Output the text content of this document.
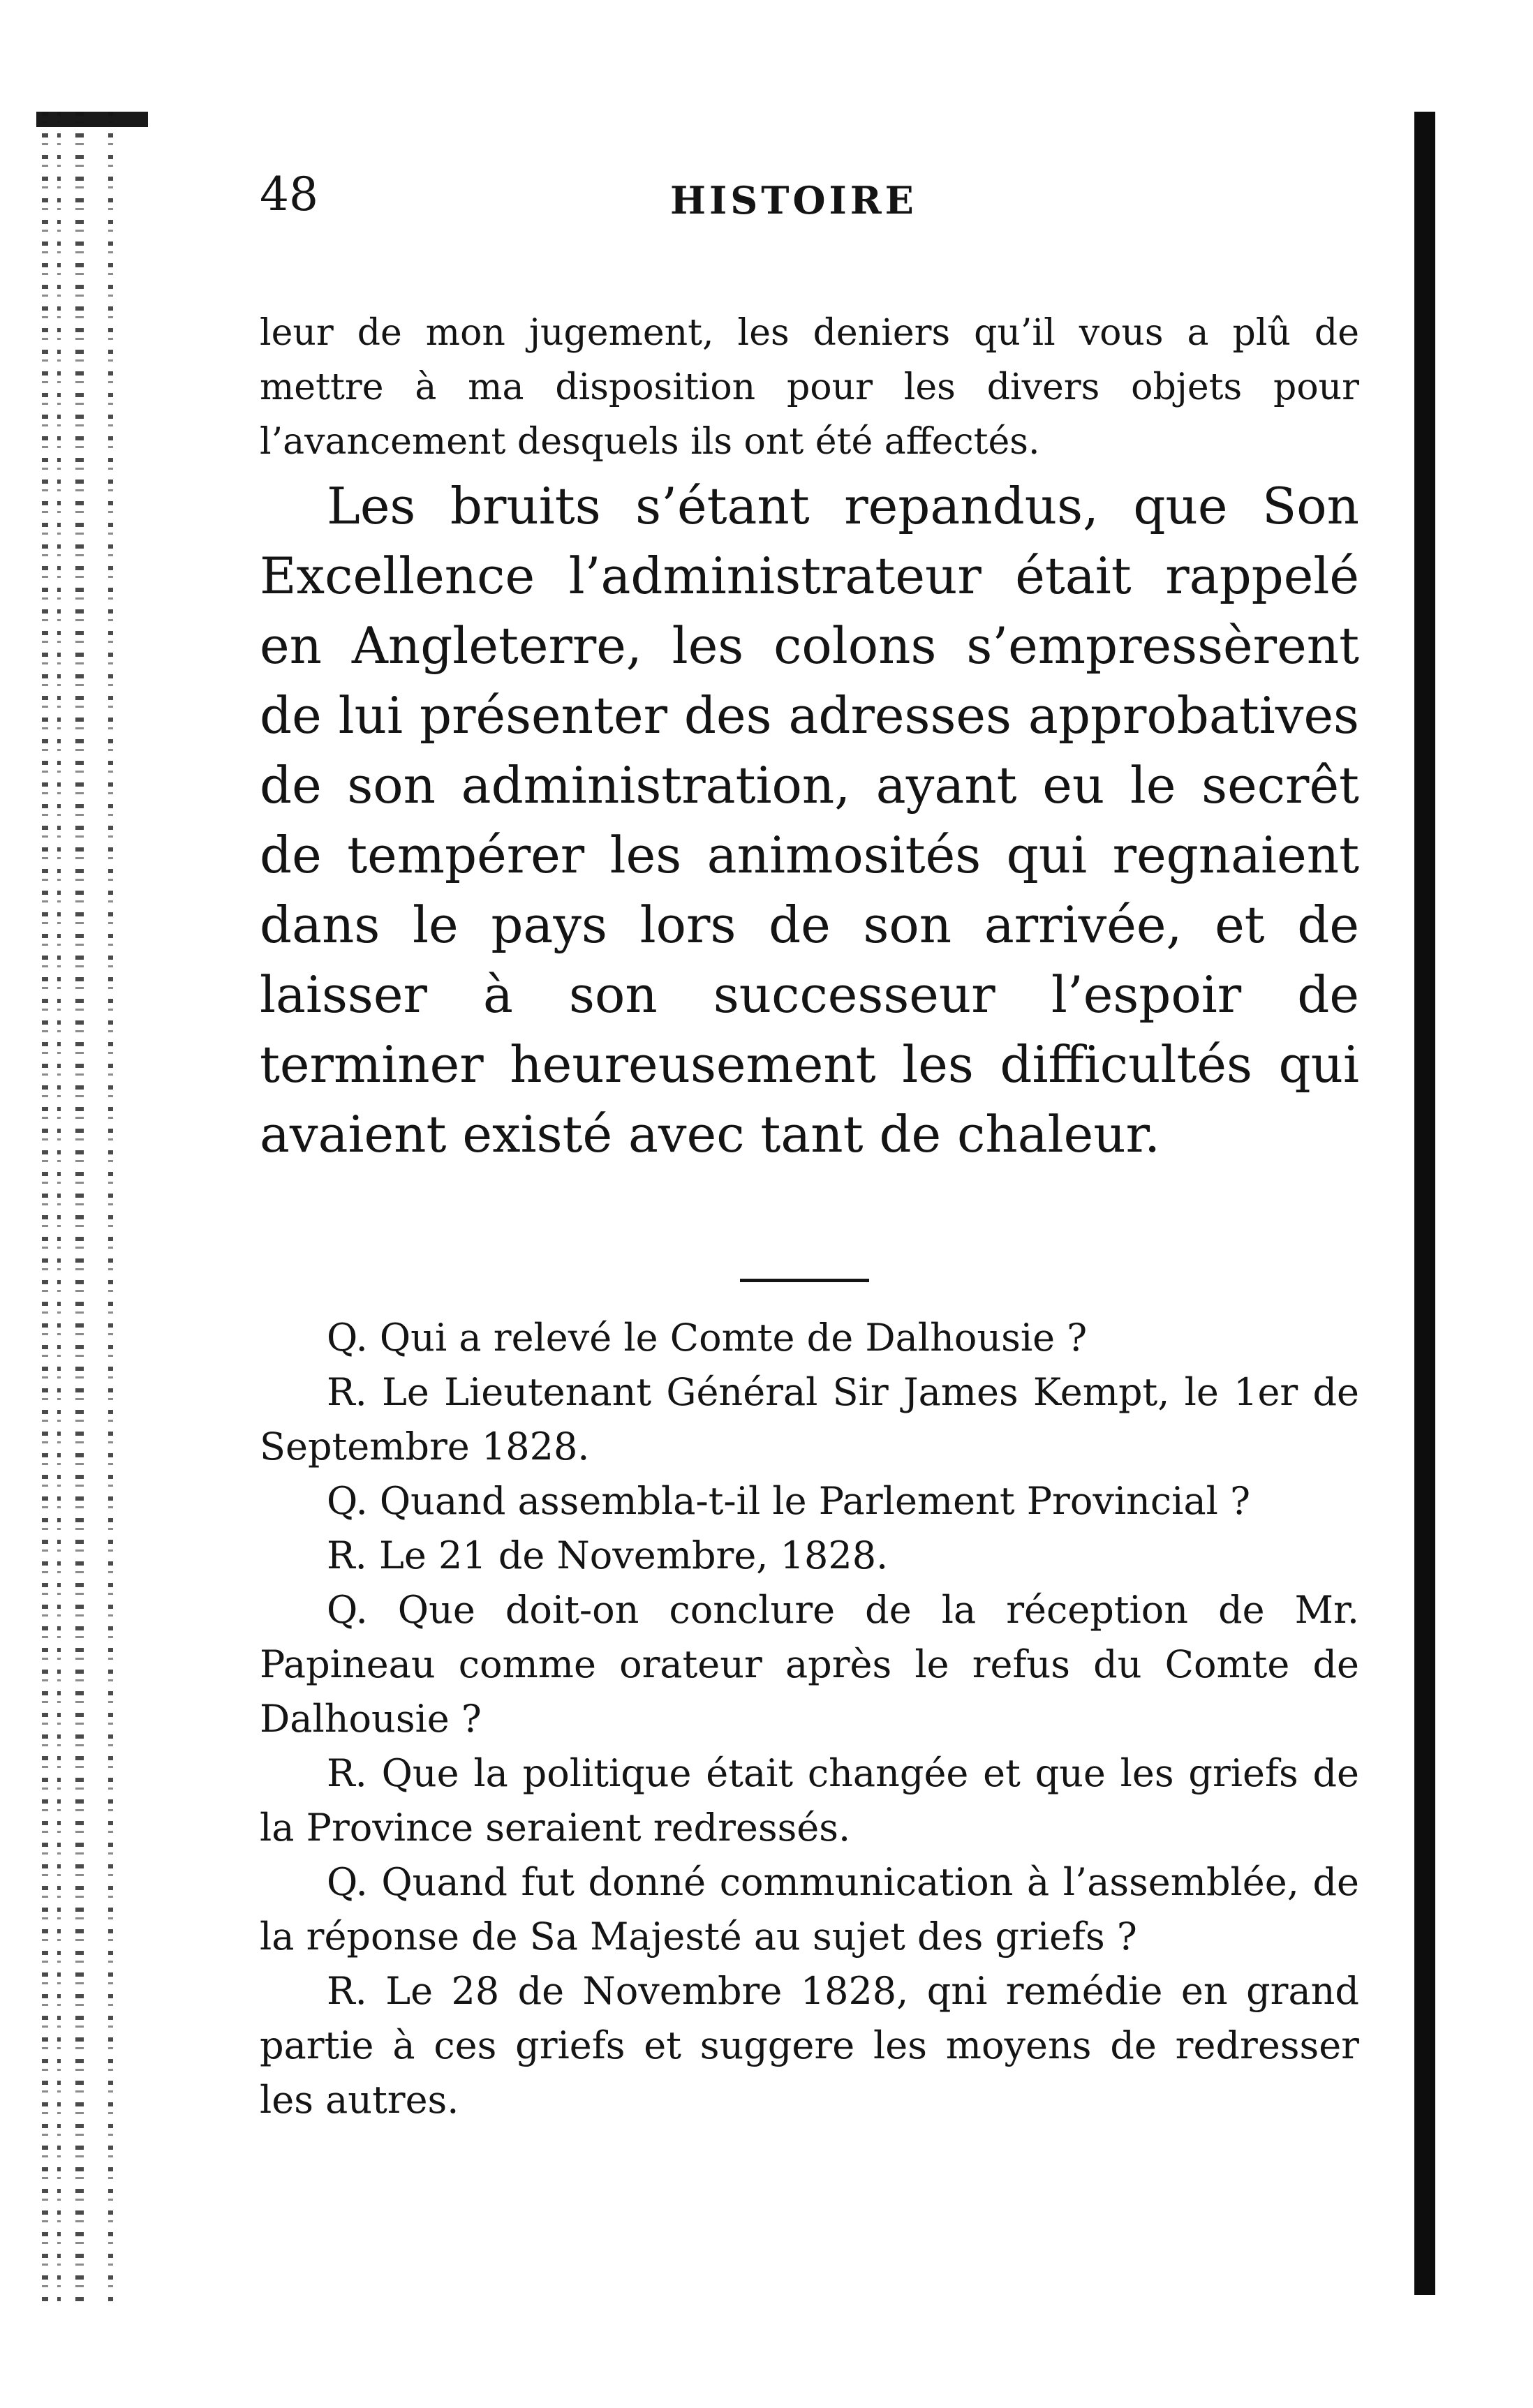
48	HISTOIRE

leur de mon jugement, les deniers qu’il vous a plû de mettre à ma disposition pour les divers objets pour l’avancement desquels ils ont été affectés.

Les bruits s’étant repandus, que Son Excellence l’administrateur était rappelé en Angleterre, les colons s’empressèrent de lui présenter des adresses approbatives de son administration, ayant eu le secrêt de tempérer les animosités qui regnaient dans le pays lors de son arrivée, et de laisser à son successeur l’espoir de terminer heureusement les difficultés qui avaient existé avec tant de chaleur.

Q. Qui a relevé le Comte de Dalhousie ?

R. Le Lieutenant Général Sir James Kempt, le 1er de Septembre 1828.

Q. Quand assembla-t-il le Parlement Provincial ?

R. Le 21 de Novembre, 1828.

Q. Que doit-on conclure de la réception de Mr. Papineau comme orateur après le refus du Comte de Dalhousie ?

R. Que la politique était changée et que les griefs de la Province seraient redressés.

Q. Quand fut donné communication à l’assemblée, de la réponse de Sa Majesté au sujet des griefs ?

R. Le 28 de Novembre 1828, qni remédie en grand partie à ces griefs et suggere les moyens de redresser les autres.
